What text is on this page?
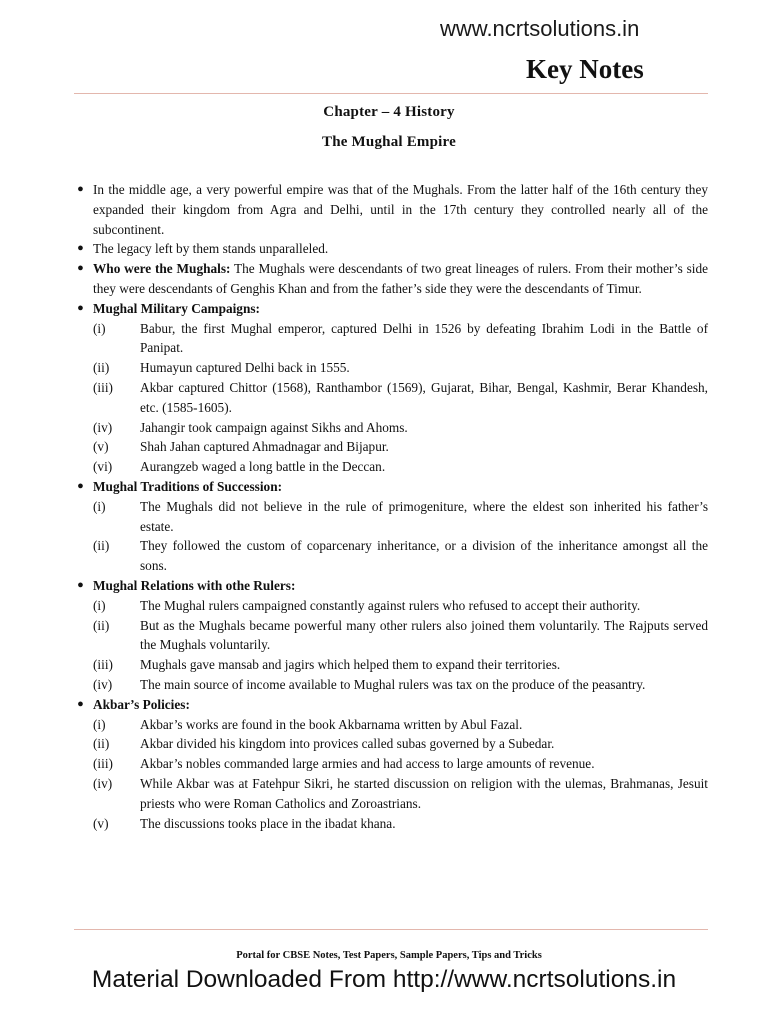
www.ncrtsolutions.in
Key Notes
Chapter – 4 History
The Mughal Empire
● In the middle age, a very powerful empire was that of the Mughals. From the latter half of the 16th century they expanded their kingdom from Agra and Delhi, until in the 17th century they controlled nearly all of the subcontinent.
● The legacy left by them stands unparalleled.
● Who were the Mughals: The Mughals were descendants of two great lineages of rulers. From their mother’s side they were descendants of Genghis Khan and from the father’s side they were the descendants of Timur.
● Mughal Military Campaigns:
(i)	Babur, the first Mughal emperor, captured Delhi in 1526 by defeating Ibrahim Lodi in the Battle of Panipat.
(ii)	Humayun captured Delhi back in 1555.
(iii)	Akbar captured Chittor (1568), Ranthambor (1569), Gujarat, Bihar, Bengal, Kashmir, Berar Khandesh, etc. (1585-1605).
(iv)	Jahangir took campaign against Sikhs and Ahoms.
(v)	Shah Jahan captured Ahmadnagar and Bijapur.
(vi)	Aurangzeb waged a long battle in the Deccan.
● Mughal Traditions of Succession:
(i)	The Mughals did not believe in the rule of primogeniture, where the eldest son inherited his father’s estate.
(ii)	They followed the custom of coparcenary inheritance, or a division of the inheritance amongst all the sons.
● Mughal Relations with othe Rulers:
(i)	The Mughal rulers campaigned constantly against rulers who refused to accept their authority.
(ii)	But as the Mughals became powerful many other rulers also joined them voluntarily. The Rajputs served the Mughals voluntarily.
(iii)	Mughals gave mansab and jagirs which helped them to expand their territories.
(iv)	The main source of income available to Mughal rulers was tax on the produce of the peasantry.
● Akbar’s Policies:
(i)	Akbar’s works are found in the book Akbarnama written by Abul Fazal.
(ii)	Akbar divided his kingdom into provices called subas governed by a Subedar.
(iii)	Akbar’s nobles commanded large armies and had access to large amounts of revenue.
(iv)	While Akbar was at Fatehpur Sikri, he started discussion on religion with the ulemas, Brahmanas, Jesuit priests who were Roman Catholics and Zoroastrians.
(v)	The discussions tooks place in the ibadat khana.
Portal for CBSE Notes, Test Papers, Sample Papers, Tips and Tricks
Material Downloaded From http://www.ncrtsolutions.in
